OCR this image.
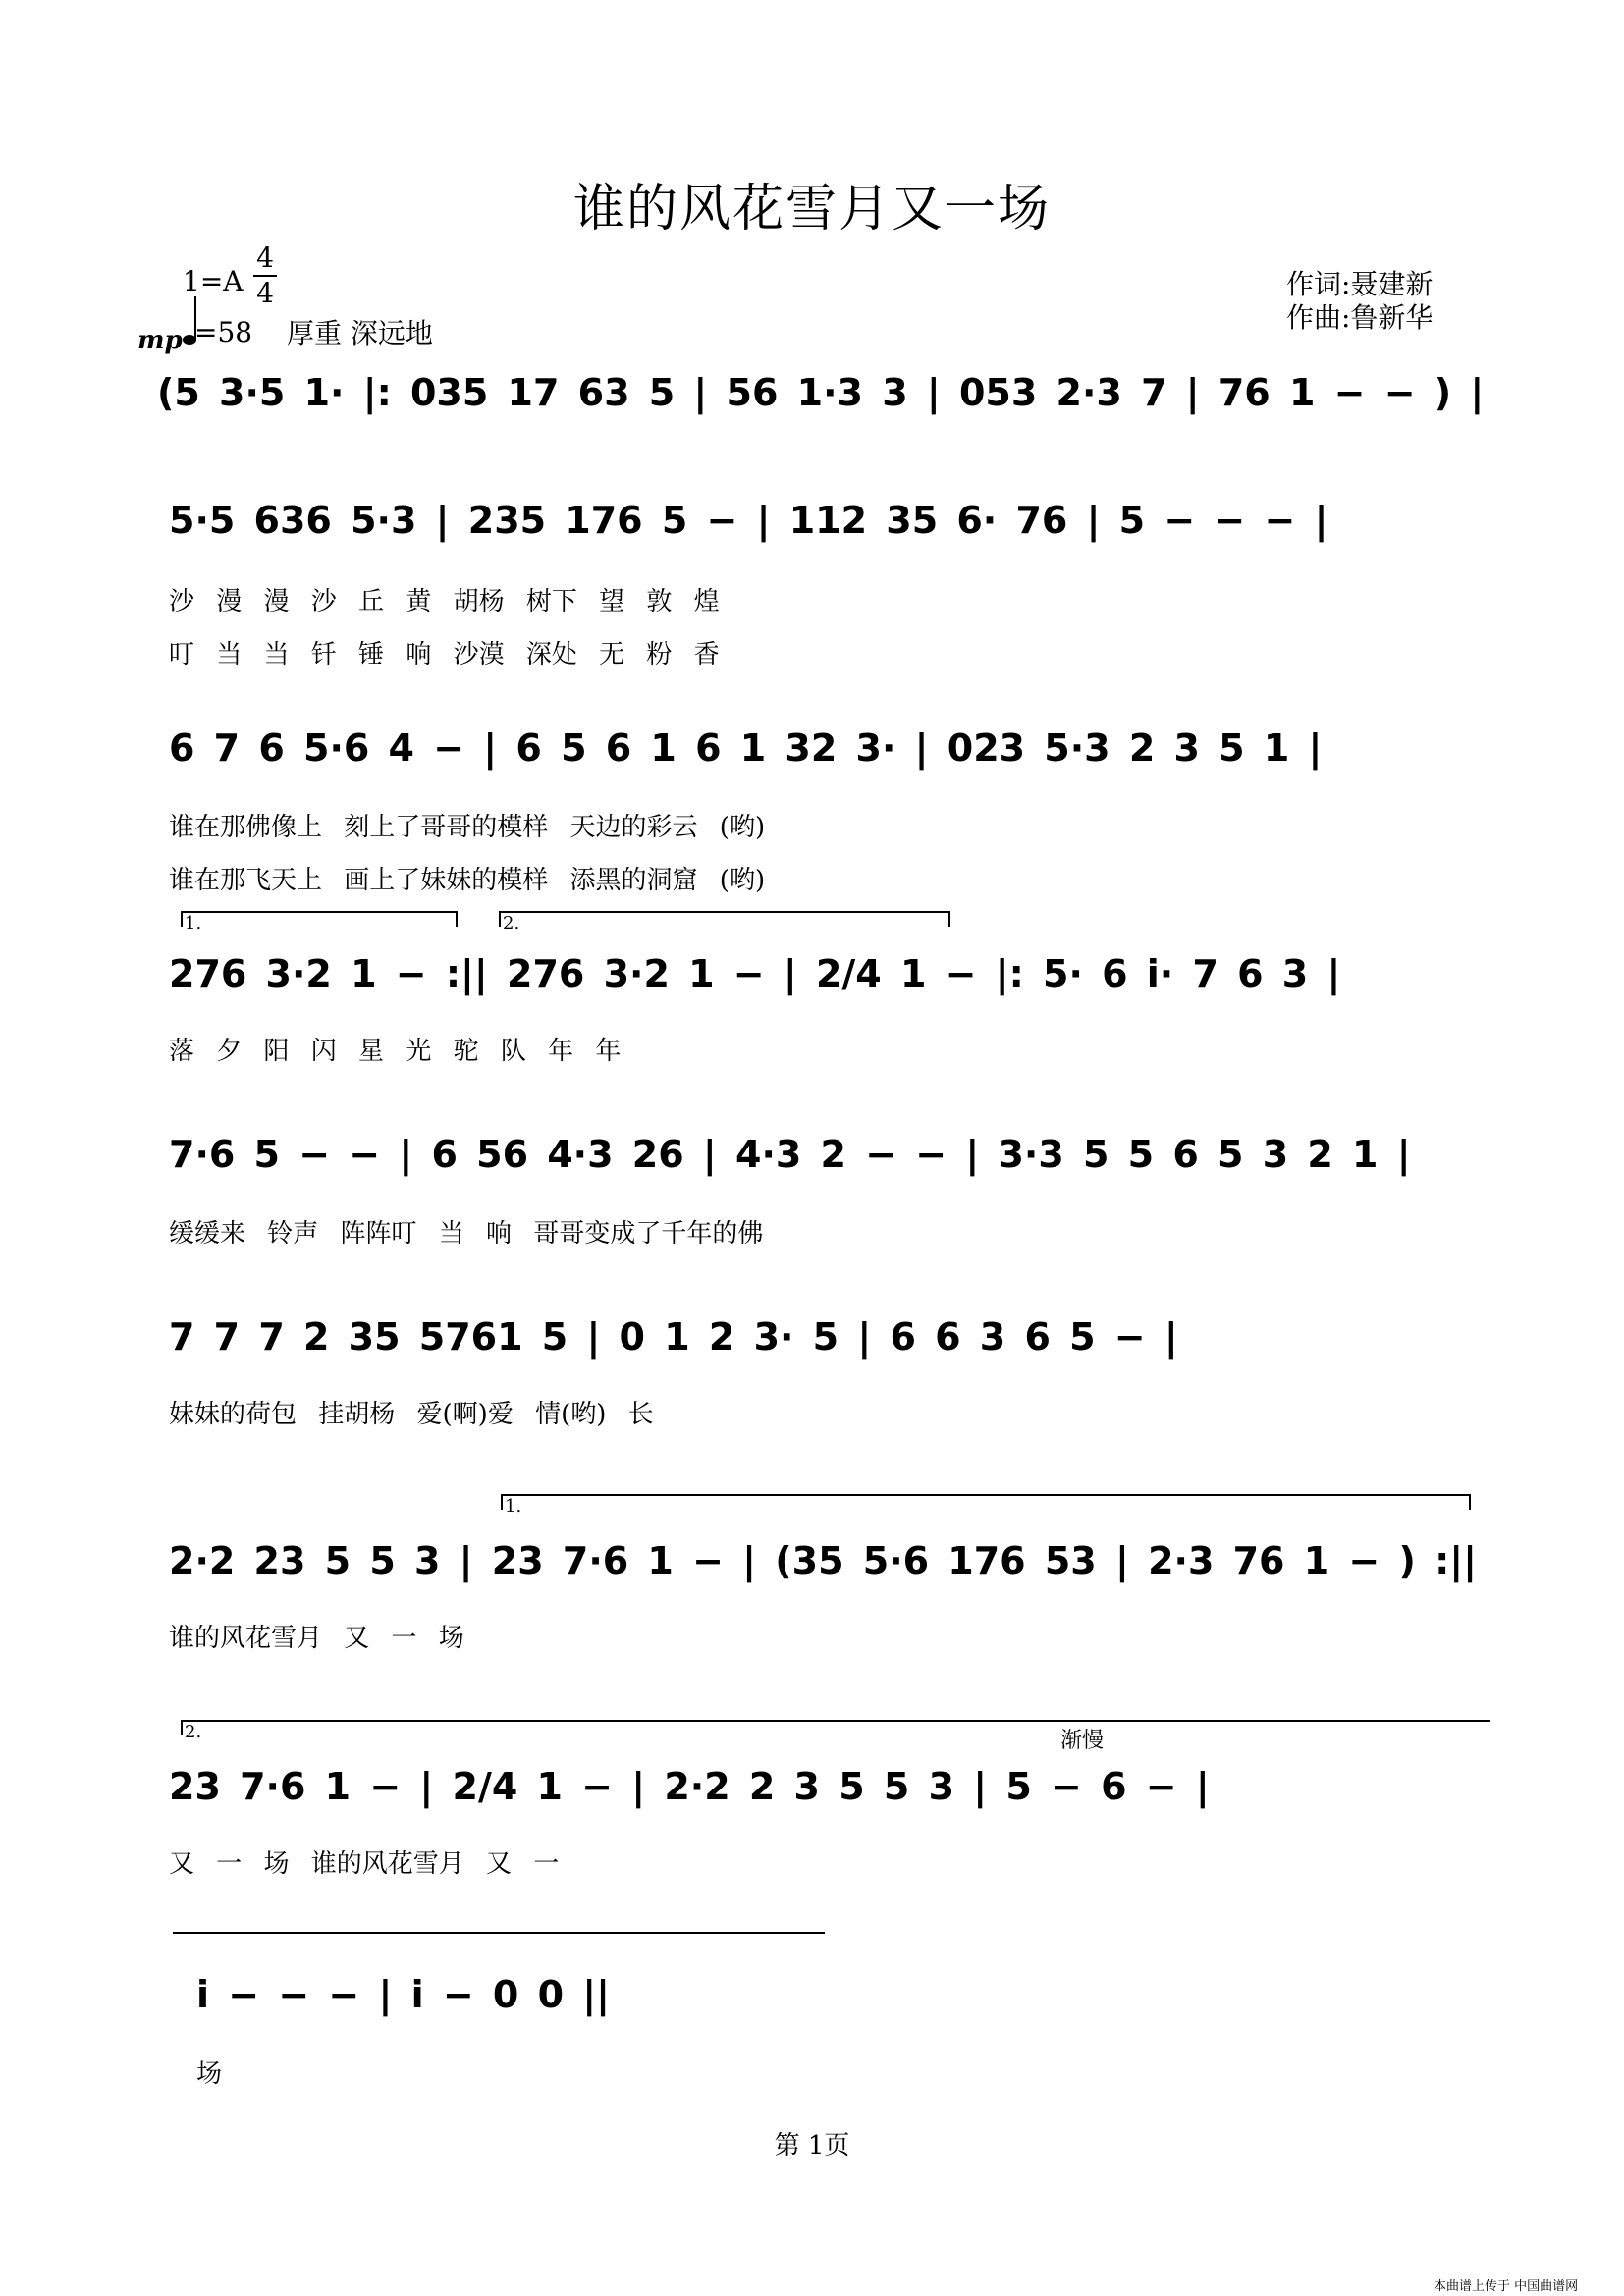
谁的风花雪月又一场
1=A
4
4
mp =58 厚重 深远地
作词:聂建新
作曲:鲁新华
(5 3·5 1· |: 035 17 63 5 | 56 1·3 3 | 053 2·3 7 | 76 1 − − ) |
5·5 636 5·3 | 235 176 5 − | 112 35 6· 76 | 5 − − − |
沙 漫 漫 沙 丘 黄 胡杨 树下 望 敦 煌
叮 当 当 钎 锤 响 沙漠 深处 无 粉 香
6 7 6 5·6 4 − | 6 5 6 1 6 1 32 3· | 023 5·3 2 3 5 1 |
谁在那佛像上 刻上了哥哥的模样 天边的彩云 (哟)
谁在那飞天上 画上了妹妹的模样 添黑的洞窟 (哟)
1.	2.
276 3·2 1 − :|| 276 3·2 1 − | 2/4 1 − |: 5· 6 i· 7 6 3 |
落 夕 阳 闪 星 光 驼 队 年 年
7·6 5 − − | 6 56 4·3 26 | 4·3 2 − − | 3·3 5 5 6 5 3 2 1 |
缓缓来 铃声 阵阵叮 当 响 哥哥变成了千年的佛
7 7 7 2 35 5761 5 | 0 1 2 3· 5 | 6 6 3 6 5 − |
妹妹的荷包 挂胡杨 爱(啊)爱 情(哟) 长
1.
2·2 23 5 5 3 | 23 7·6 1 − | (35 5·6 176 53 | 2·3 76 1 − ) :||
谁的风花雪月 又 一 场
2.	渐慢
23 7·6 1 − | 2/4 1 − | 2·2 2 3 5 5 3 | 5 − 6 − |
又 一 场 谁的风花雪月 又 一
i − − − | i − 0 0 ||
场
第 1页
本曲谱上传于 中国曲谱网
